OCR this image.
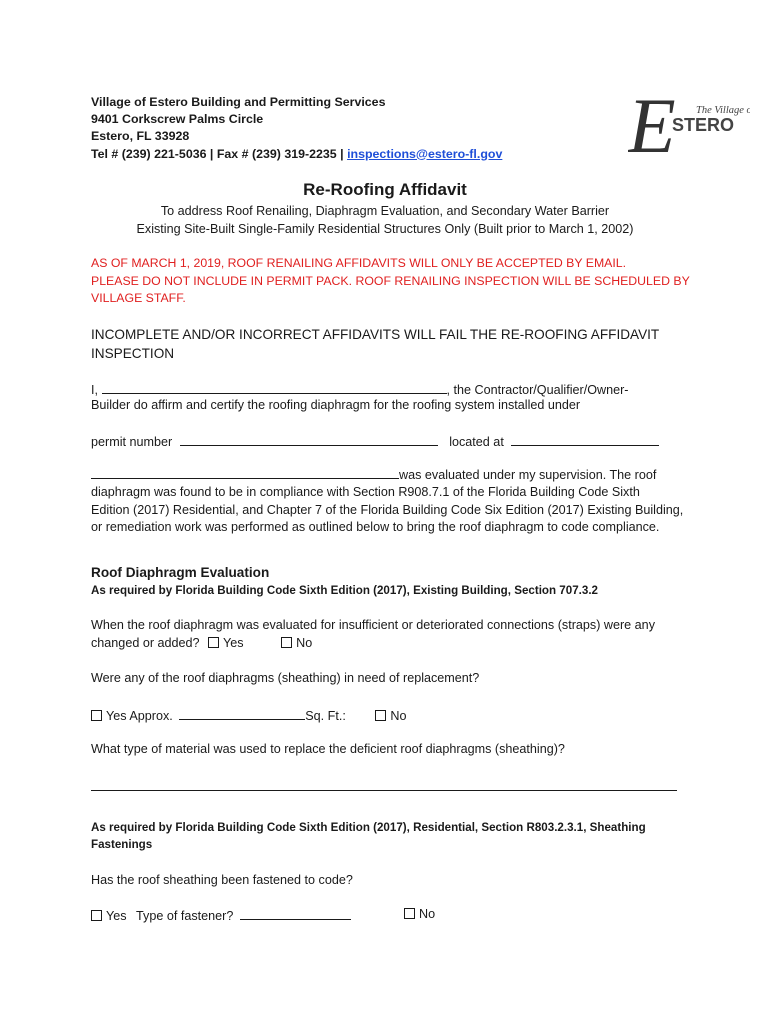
Village of Estero Building and Permitting Services
9401 Corkscrew Palms Circle
Estero, FL 33928
Tel # (239) 221-5036 | Fax # (239) 319-2235 | inspections@estero-fl.gov E The Village of
STERO
Re-Roofing Affidavit
To address Roof Renailing, Diaphragm Evaluation, and Secondary Water Barrier
Existing Site-Built Single-Family Residential Structures Only (Built prior to March 1, 2002)
AS OF MARCH 1, 2019, ROOF RENAILING AFFIDAVITS WILL ONLY BE ACCEPTED BY EMAIL.
PLEASE DO NOT INCLUDE IN PERMIT PACK. ROOF RENAILING INSPECTION WILL BE SCHEDULED BY
VILLAGE STAFF.
INCOMPLETE AND/OR INCORRECT AFFIDAVITS WILL FAIL THE RE-ROOFING AFFIDAVIT
INSPECTION
I,	, the Contractor/Qualifier/Owner-
Builder do affirm and certify the roofing diaphragm for the roofing system installed under
permit number	located at
was evaluated under my supervision. The roof
diaphragm was found to be in compliance with Section R908.7.1 of the Florida Building Code Sixth
Edition (2017) Residential, and Chapter 7 of the Florida Building Code Six Edition (2017) Existing Building,
or remediation work was performed as outlined below to bring the roof diaphragm to code compliance.
Roof Diaphragm Evaluation
As required by Florida Building Code Sixth Edition (2017), Existing Building, Section 707.3.2
When the roof diaphragm was evaluated for insufficient or deteriorated connections (straps) were any
changed or added? Yes	No
Were any of the roof diaphragms (sheathing) in need of replacement?
Yes Approx.	Sq. Ft.:	No
What type of material was used to replace the deficient roof diaphragms (sheathing)?
As required by Florida Building Code Sixth Edition (2017), Residential, Section R803.2.3.1, Sheathing
Fastenings
Has the roof sheathing been fastened to code?
Yes Type of fastener?	No
